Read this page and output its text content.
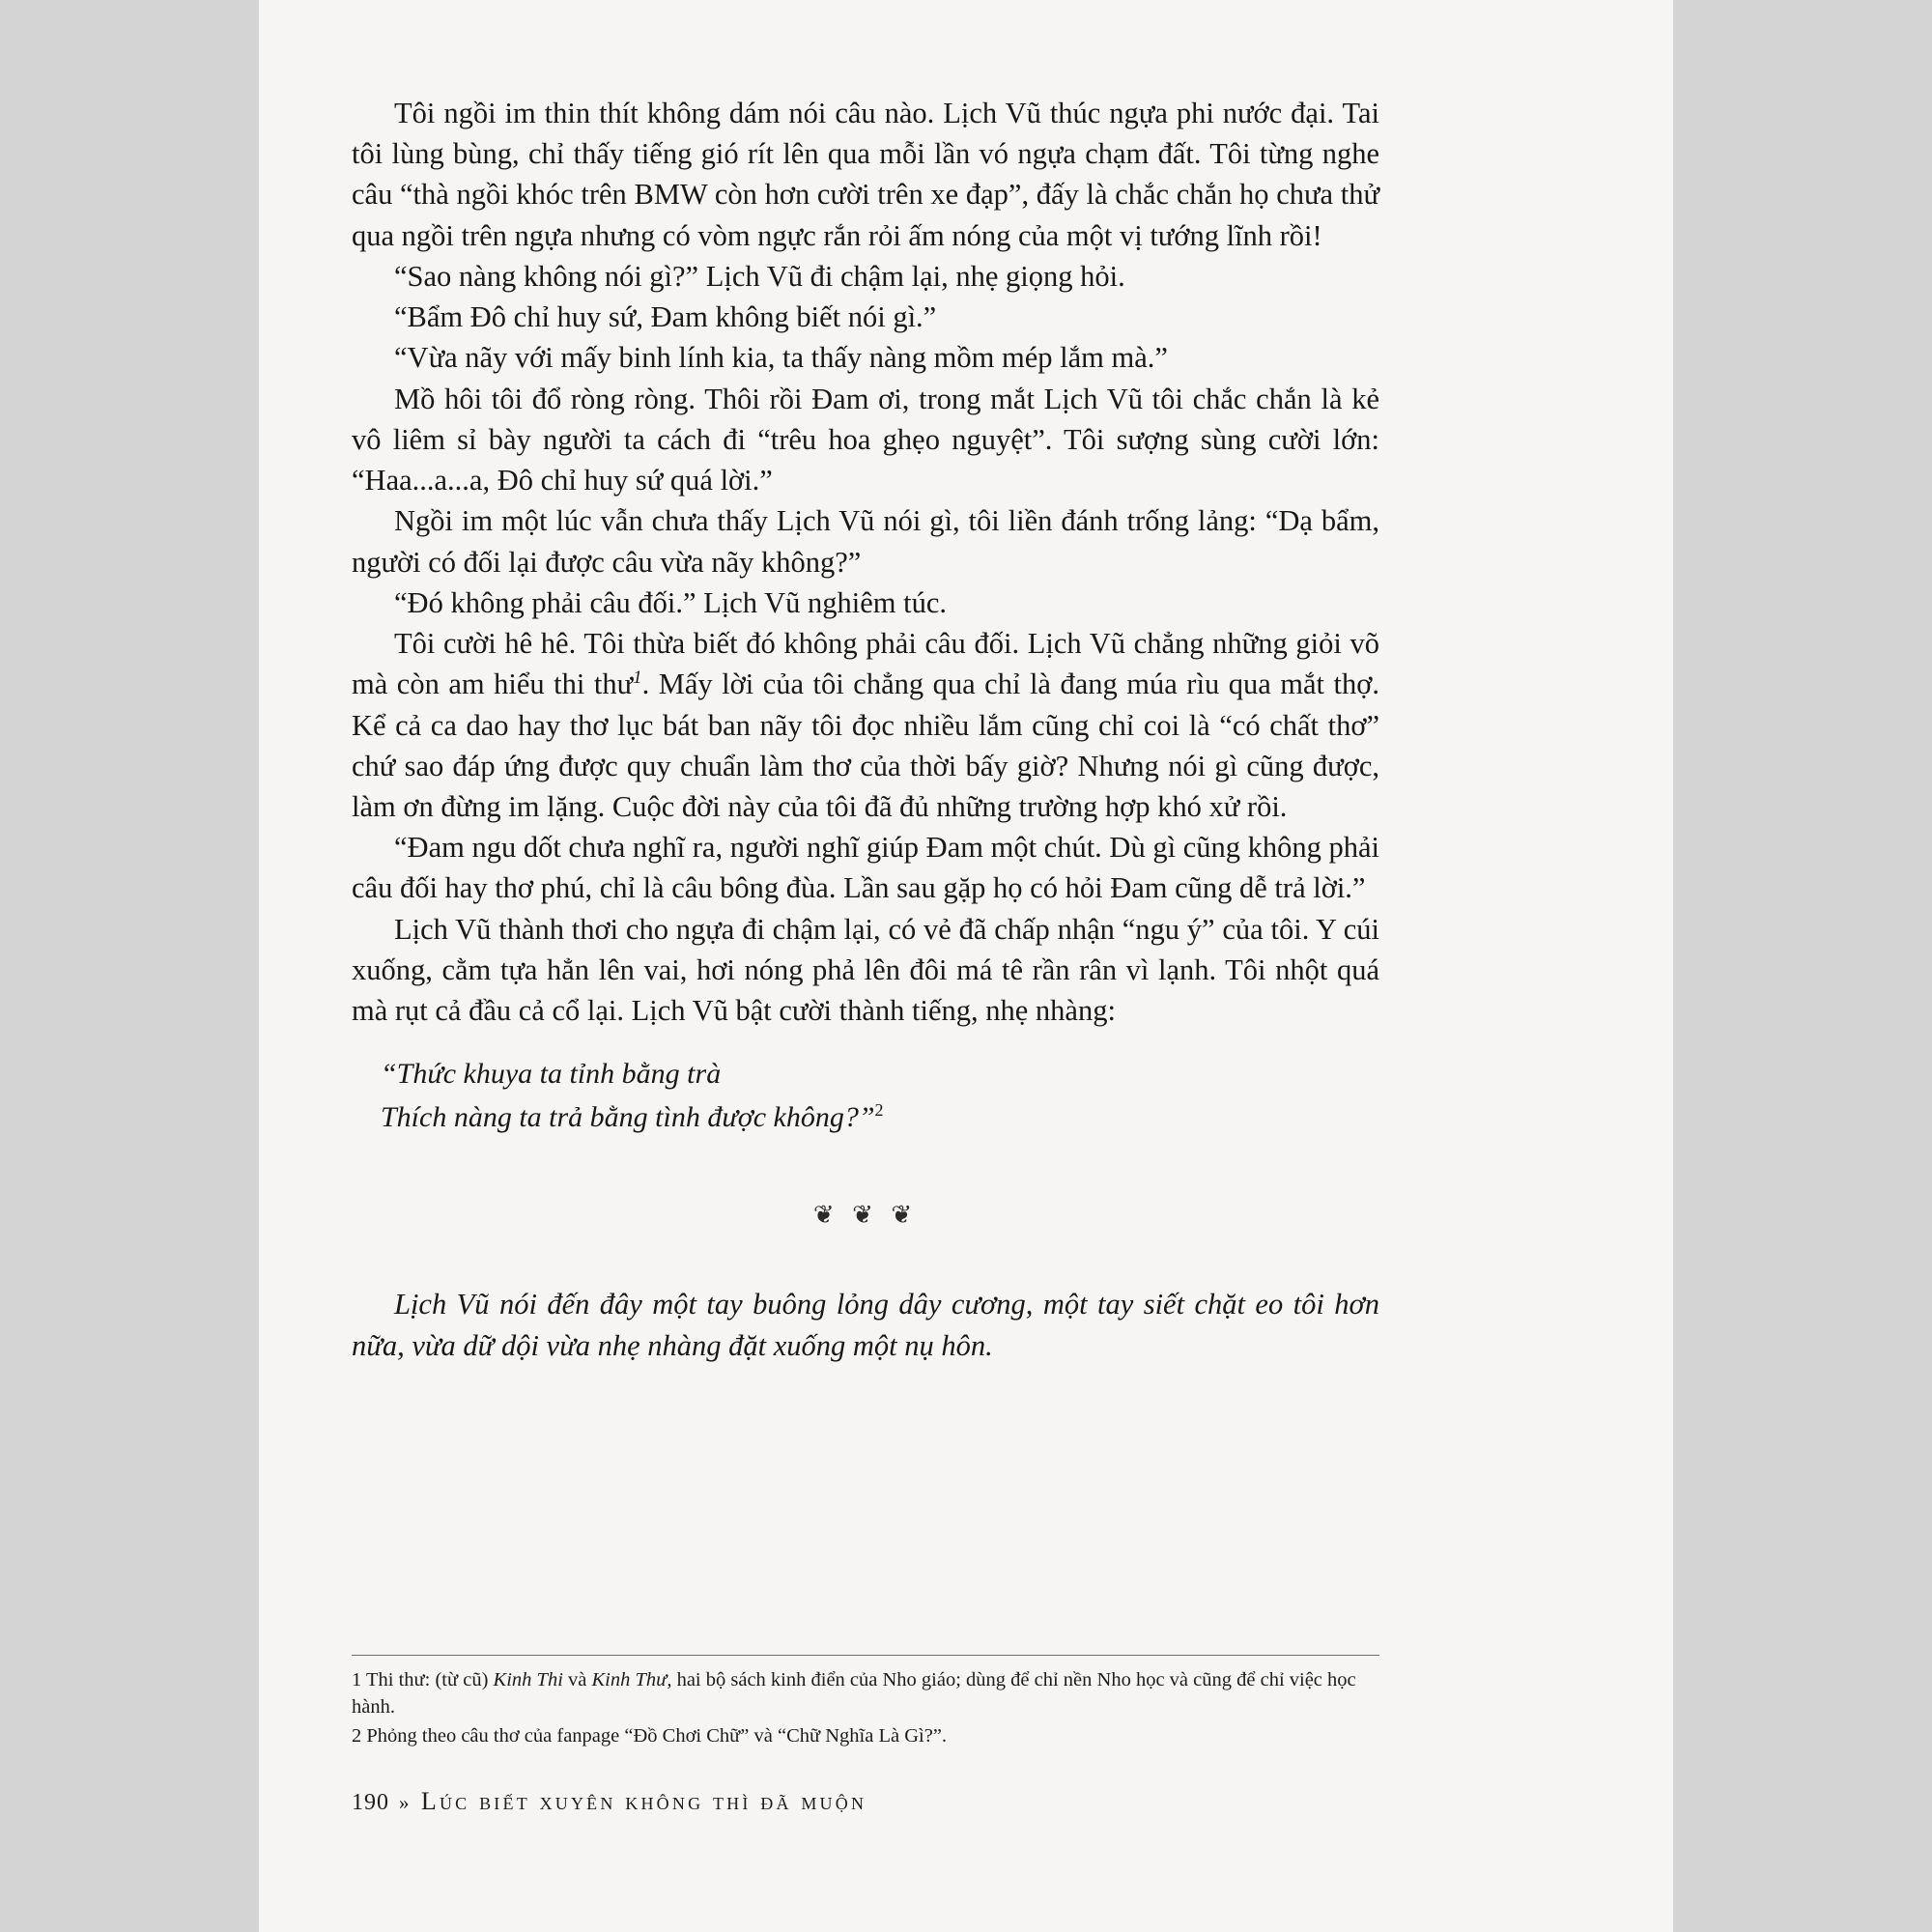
Tôi ngồi im thin thít không dám nói câu nào. Lịch Vũ thúc ngựa phi nước đại. Tai tôi lùng bùng, chỉ thấy tiếng gió rít lên qua mỗi lần vó ngựa chạm đất. Tôi từng nghe câu “thà ngồi khóc trên BMW còn hơn cười trên xe đạp”, đấy là chắc chắn họ chưa thử qua ngồi trên ngựa nhưng có vòm ngực rắn rỏi ấm nóng của một vị tướng lĩnh rồi!

“Sao nàng không nói gì?” Lịch Vũ đi chậm lại, nhẹ giọng hỏi.

“Bẩm Đô chỉ huy sứ, Đam không biết nói gì.”

“Vừa nãy với mấy binh lính kia, ta thấy nàng mồm mép lắm mà.”

Mồ hôi tôi đổ ròng ròng. Thôi rồi Đam ơi, trong mắt Lịch Vũ tôi chắc chắn là kẻ vô liêm sỉ bày người ta cách đi “trêu hoa ghẹo nguyệt”. Tôi sượng sùng cười lớn: “Haa...a...a, Đô chỉ huy sứ quá lời.”

Ngồi im một lúc vẫn chưa thấy Lịch Vũ nói gì, tôi liền đánh trống lảng: “Dạ bẩm, người có đối lại được câu vừa nãy không?”

“Đó không phải câu đối.” Lịch Vũ nghiêm túc.

Tôi cười hê hê. Tôi thừa biết đó không phải câu đối. Lịch Vũ chẳng những giỏi võ mà còn am hiểu thi thư$^1$. Mấy lời của tôi chẳng qua chỉ là đang múa rìu qua mắt thợ. Kể cả ca dao hay thơ lục bát ban nãy tôi đọc nhiều lắm cũng chỉ coi là “có chất thơ” chứ sao đáp ứng được quy chuẩn làm thơ của thời bấy giờ? Nhưng nói gì cũng được, làm ơn đừng im lặng. Cuộc đời này của tôi đã đủ những trường hợp khó xử rồi.

“Đam ngu dốt chưa nghĩ ra, người nghĩ giúp Đam một chút. Dù gì cũng không phải câu đối hay thơ phú, chỉ là câu bông đùa. Lần sau gặp họ có hỏi Đam cũng dễ trả lời.”

Lịch Vũ thành thơi cho ngựa đi chậm lại, có vẻ đã chấp nhận “ngu ý” của tôi. Y cúi xuống, cằm tựa hẳn lên vai, hơi nóng phả lên đôi má tê rần rân vì lạnh. Tôi nhột quá mà rụt cả đầu cả cổ lại. Lịch Vũ bật cười thành tiếng, nhẹ nhàng:

“Thức khuya ta tỉnh bằng trà
Thích nàng ta trả bằng tình được không?”$^2$
❦ ❦ ❦

Lịch Vũ nói đến đây một tay buông lỏng dây cương, một tay siết chặt eo tôi hơn nữa, vừa dữ dội vừa nhẹ nhàng đặt xuống một nụ hôn.

1 Thi thư: (từ cũ) Kinh Thi và Kinh Thư, hai bộ sách kinh điển của Nho giáo; dùng để chỉ nền Nho học và cũng để chỉ việc học hành.

2 Phỏng theo câu thơ của fanpage “Đồ Chơi Chữ” và “Chữ Nghĩa Là Gì?”.

190 » Lúc biết xuyên không thì đã muộn
